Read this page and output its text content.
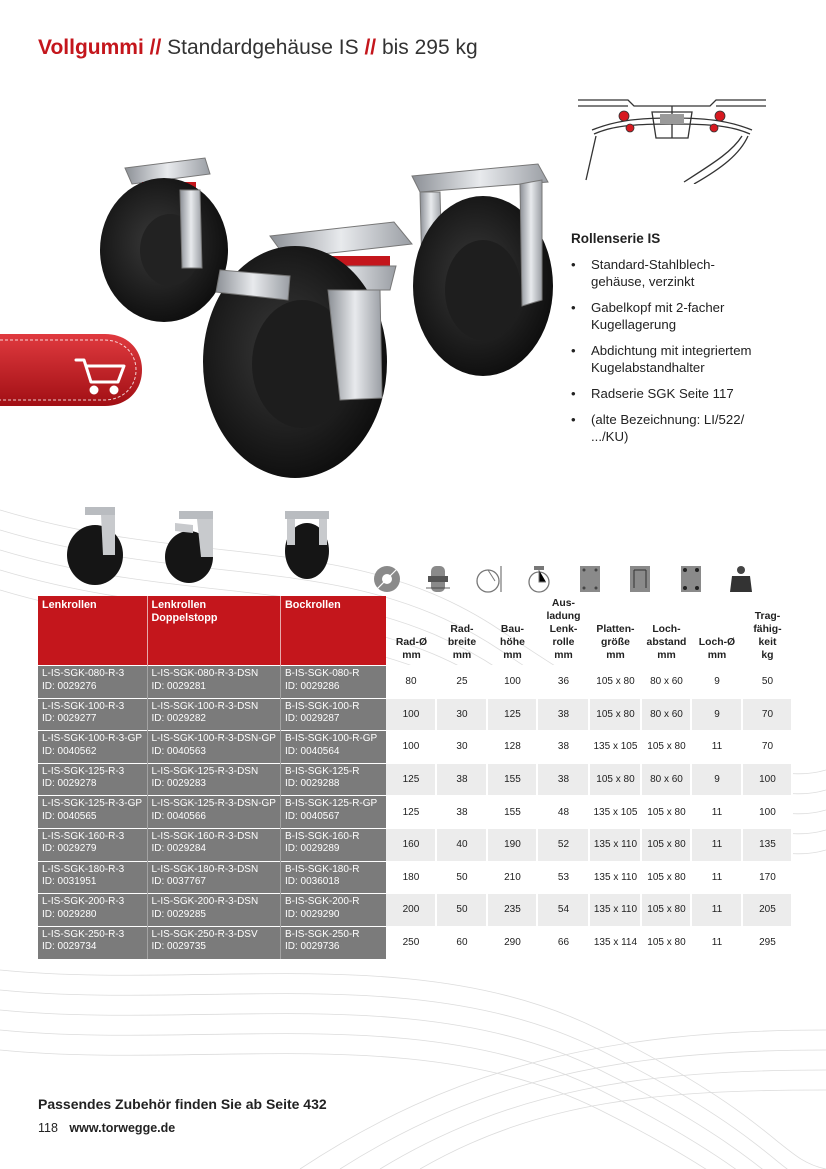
Vollgummi // Standardgehäuse IS // bis 295 kg
Rollenserie IS
• Standard-Stahlblech-
gehäuse, verzinkt
• Gabelkopf mit 2-facher
Kugellagerung
• Abdichtung mit integriertem
Kugelabstandhalter
• Radserie SGK Seite 117
• (alte Bezeichnung: LI/522/
.../KU)
Lenkrollen	Lenkrollen
Doppelstopp	Bockrollen	Rad-Ø
mm	Rad-
breite
mm	Bau-
höhe
mm	Aus-
ladung
Lenk-
rolle
mm	Platten-
größe
mm	Loch-
abstand
mm	Loch-Ø
mm	Trag-
fähig-
keit
kg
L-IS-SGK-080-R-3
ID: 0029276	L-IS-SGK-080-R-3-DSN
ID: 0029281	B-IS-SGK-080-R
ID: 0029286	80	25	100	36	105 x 80	80 x 60	9	50
L-IS-SGK-100-R-3
ID: 0029277	L-IS-SGK-100-R-3-DSN
ID: 0029282	B-IS-SGK-100-R
ID: 0029287	100	30	125	38	105 x 80	80 x 60	9	70
L-IS-SGK-100-R-3-GP
ID: 0040562	L-IS-SGK-100-R-3-DSN-GP
ID: 0040563	B-IS-SGK-100-R-GP
ID: 0040564	100	30	128	38	135 x 105	105 x 80	11	70
L-IS-SGK-125-R-3
ID: 0029278	L-IS-SGK-125-R-3-DSN
ID: 0029283	B-IS-SGK-125-R
ID: 0029288	125	38	155	38	105 x 80	80 x 60	9	100
L-IS-SGK-125-R-3-GP
ID: 0040565	L-IS-SGK-125-R-3-DSN-GP
ID: 0040566	B-IS-SGK-125-R-GP
ID: 0040567	125	38	155	48	135 x 105	105 x 80	11	100
L-IS-SGK-160-R-3
ID: 0029279	L-IS-SGK-160-R-3-DSN
ID: 0029284	B-IS-SGK-160-R
ID: 0029289	160	40	190	52	135 x 110	105 x 80	11	135
L-IS-SGK-180-R-3
ID: 0031951	L-IS-SGK-180-R-3-DSN
ID: 0037767	B-IS-SGK-180-R
ID: 0036018	180	50	210	53	135 x 110	105 x 80	11	170
L-IS-SGK-200-R-3
ID: 0029280	L-IS-SGK-200-R-3-DSN
ID: 0029285	B-IS-SGK-200-R
ID: 0029290	200	50	235	54	135 x 110	105 x 80	11	205
L-IS-SGK-250-R-3
ID: 0029734	L-IS-SGK-250-R-3-DSV
ID: 0029735	B-IS-SGK-250-R
ID: 0029736	250	60	290	66	135 x 114	105 x 80	11	295
Passendes Zubehör finden Sie ab Seite 432
118 www.torwegge.de
